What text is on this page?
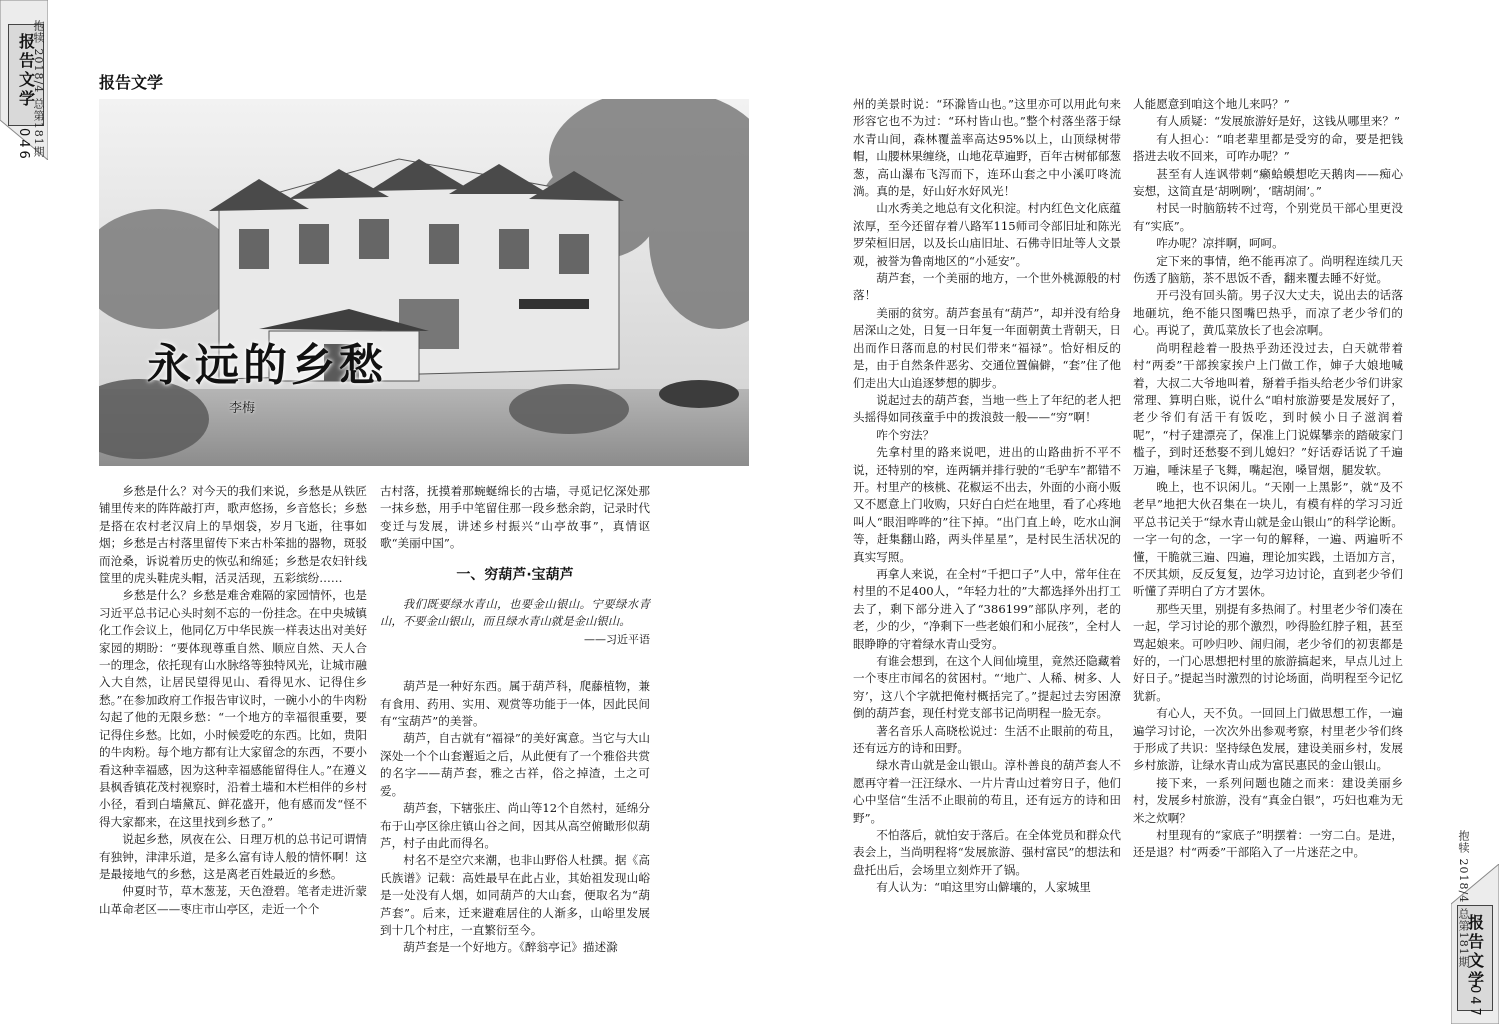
报告文学
046 抱犊 2018/4 总第181期
报告文学
047
抱犊 2018/4 总第181期
报告文学
永远的乡愁
李梅

乡愁是什么？对今天的我们来说，乡愁是从铁匠铺里传来的阵阵敲打声，歌声悠扬，乡音悠长；乡愁是搭在农村老汉肩上的旱烟袋，岁月飞逝，往事如烟；乡愁是古村落里留传下来古朴笨拙的器物，斑驳而沧桑，诉说着历史的恢弘和绵延；乡愁是农妇针线筐里的虎头鞋虎头帽，活灵活现，五彩缤纷……

乡愁是什么？乡愁是难舍难隔的家园情怀，也是习近平总书记心头时刻不忘的一份挂念。在中央城镇化工作会议上，他同亿万中华民族一样表达出对美好家园的期盼：“要体现尊重自然、顺应自然、天人合一的理念，依托现有山水脉络等独特风光，让城市融入大自然，让居民望得见山、看得见水、记得住乡愁。”在参加政府工作报告审议时，一碗小小的牛肉粉勾起了他的无限乡愁：“一个地方的幸福很重要，要记得住乡愁。比如，小时候爱吃的东西。比如，贵阳的牛肉粉。每个地方都有让大家留念的东西，不要小看这种幸福感，因为这种幸福感能留得住人。”在遵义县枫香镇花茂村视察时，沿着土墙和木栏相伴的乡村小径，看到白墙黛瓦、鲜花盛开，他有感而发“怪不得大家都来，在这里找到乡愁了。”

说起乡愁，夙夜在公、日理万机的总书记可谓情有独钟，津津乐道，是多么富有诗人般的情怀啊！这是最接地气的乡愁，这是离老百姓最近的乡愁。

仲夏时节，草木葱茏，天色澄碧。笔者走进沂蒙山革命老区——枣庄市山亭区，走近一个个

古村落，抚摸着那蜿蜒绵长的古墙，寻觅记忆深处那一抹乡愁，用手中笔留住那一段乡愁余韵，记录时代变迁与发展，讲述乡村振兴“山亭故事”，真情讴歌“美丽中国”。

一、穷葫芦·宝葫芦

我们既要绿水青山，也要金山银山。宁要绿水青山，不要金山银山，而且绿水青山就是金山银山。

——习近平语

葫芦是一种好东西。属于葫芦科，爬藤植物，兼有食用、药用、实用、观赏等功能于一体，因此民间有“宝葫芦”的美誉。

葫芦，自古就有“福禄”的美好寓意。当它与大山深处一个个山套邂逅之后，从此便有了一个雅俗共赏的名字——葫芦套，雅之古祥，俗之掉渣，土之可爱。

葫芦套，下辖张庄、尚山等12个自然村，延绵分布于山亭区徐庄镇山谷之间，因其从高空俯瞰形似葫芦，村子由此而得名。

村名不是空穴来潮，也非山野俗人杜撰。据《高氏族谱》记载：高姓最早在此占业，其始祖发现山峪是一处没有人烟，如同葫芦的大山套，便取名为“葫芦套”。后来，迁来避难居住的人渐多，山峪里发展到十几个村庄，一直繁衍至今。

葫芦套是一个好地方。《醉翁亭记》描述滁

州的美景时说：“环滁皆山也。”这里亦可以用此句来形容它也不为过：“环村皆山也。”整个村落坐落于绿水青山间，森林覆盖率高达95%以上，山顶绿树带帽，山腰林果缠绕，山地花草遍野，百年古树郁郁葱葱，高山瀑布飞泻而下，连环山套之中小溪叮咚流淌。真的是，好山好水好风光！

山水秀美之地总有文化积淀。村内红色文化底蕴浓厚，至今还留存着八路军115师司令部旧址和陈光罗荣桓旧居，以及长山庙旧址、石佛寺旧址等人文景观，被誉为鲁南地区的“小延安”。

葫芦套，一个美丽的地方，一个世外桃源般的村落！

美丽的贫穷。葫芦套虽有“葫芦”，却并没有给身居深山之处，日复一日年复一年面朝黄土背朝天，日出而作日落而息的村民们带来“福禄”。恰好相反的是，由于自然条件恶劣、交通位置偏僻，“套”住了他们走出大山追逐梦想的脚步。

说起过去的葫芦套，当地一些上了年纪的老人把头摇得如同孩童手中的拨浪鼓一般——“穷”啊！

咋个穷法？

先拿村里的路来说吧，进出的山路曲折不平不说，还特别的窄，连两辆并排行驶的“毛驴车”都错不开。村里产的核桃、花椒运不出去，外面的小商小贩又不愿意上门收购，只好白白烂在地里，看了心疼地叫人“眼泪哗哗的”往下掉。“出门直上岭，吃水山涧等，赶集翻山路，两头伴星星”，是村民生活状况的真实写照。

再拿人来说，在全村“千把口子”人中，常年住在村里的不足400人，“年轻力壮的”大都选择外出打工去了，剩下部分进入了“386199”部队序列，老的老，少的少，“净剩下一些老娘们和小屁孩”，全村人眼睁睁的守着绿水青山受穷。

有谁会想到，在这个人间仙境里，竟然还隐藏着一个枣庄市闻名的贫困村。“‘地广、人稀、树多、人穷’，这八个字就把俺村概括完了。”提起过去穷困潦倒的葫芦套，现任村党支部书记尚明程一脸无奈。

著名音乐人高晓松说过：生活不止眼前的苟且，还有远方的诗和田野。

绿水青山就是金山银山。淳朴善良的葫芦套人不愿再守着一汪汪绿水、一片片青山过着穷日子，他们心中坚信“生活不止眼前的苟且，还有远方的诗和田野”。

不怕落后，就怕安于落后。在全体党员和群众代表会上，当尚明程将“发展旅游、强村富民”的想法和盘托出后，会场里立刻炸开了锅。

有人认为：“咱这里穷山僻壤的，人家城里

人能愿意到咱这个地儿来吗？”

有人质疑：“发展旅游好是好，这钱从哪里来？”

有人担心：“咱老辈里都是受穷的命，要是把钱搭进去收不回来，可咋办呢？”

甚至有人连讽带刺“癞蛤蟆想吃天鹅肉——痴心妄想，这简直是‘胡咧咧’，‘瞎胡闹’。”

村民一时脑筋转不过弯，个别党员干部心里更没有“实底”。

咋办呢？凉拌啊，呵呵。

定下来的事情，绝不能再凉了。尚明程连续几天伤透了脑筋，茶不思饭不香，翻来覆去睡不好觉。

开弓没有回头箭。男子汉大丈夫，说出去的话落地砸坑，绝不能只图嘴巴热乎，而凉了老少爷们的心。再说了，黄瓜菜放长了也会凉啊。

尚明程趁着一股热乎劲还没过去，白天就带着村“两委”干部挨家挨户上门做工作，婶子大娘地喊着，大叔二大爷地叫着，掰着手指头给老少爷们讲家常理、算明白账，说什么“咱村旅游要是发展好了，老少爷们有活干有饭吃，到时候小日子滋润着呢”，“村子建漂亮了，保准上门说媒攀亲的踏破家门槛子，到时还愁娶不到儿媳妇？”好话孬话说了千遍万遍，唾沫星子飞舞，嘴起泡，嗓冒烟，腿发软。

晚上，也不识闲儿。“天刚一上黑影”，就“及不老早”地把大伙召集在一块儿，有模有样的学习习近平总书记关于“绿水青山就是金山银山”的科学论断。一字一句的念，一字一句的解释，一遍、两遍听不懂，干脆就三遍、四遍，理论加实践，土语加方言，不厌其烦，反反复复，边学习边讨论，直到老少爷们听懂了弄明白了方才罢休。

那些天里，别提有多热闹了。村里老少爷们凑在一起，学习讨论的那个激烈，吵得脸红脖子粗，甚至骂起娘来。可吵归吵、闹归闹，老少爷们的初衷都是好的，一门心思想把村里的旅游搞起来，早点儿过上好日子。”提起当时激烈的讨论场面，尚明程至今记忆犹新。

有心人，天不负。一回回上门做思想工作，一遍遍学习讨论，一次次外出参观考察，村里老少爷们终于形成了共识：坚持绿色发展，建设美丽乡村，发展乡村旅游，让绿水青山成为富民惠民的金山银山。

接下来，一系列问题也随之而来：建设美丽乡村，发展乡村旅游，没有“真金白银”，巧妇也难为无米之炊啊？

村里现有的“家底子”明摆着：一穷二白。是进，还是退？村“两委”干部陷入了一片迷茫之中。
